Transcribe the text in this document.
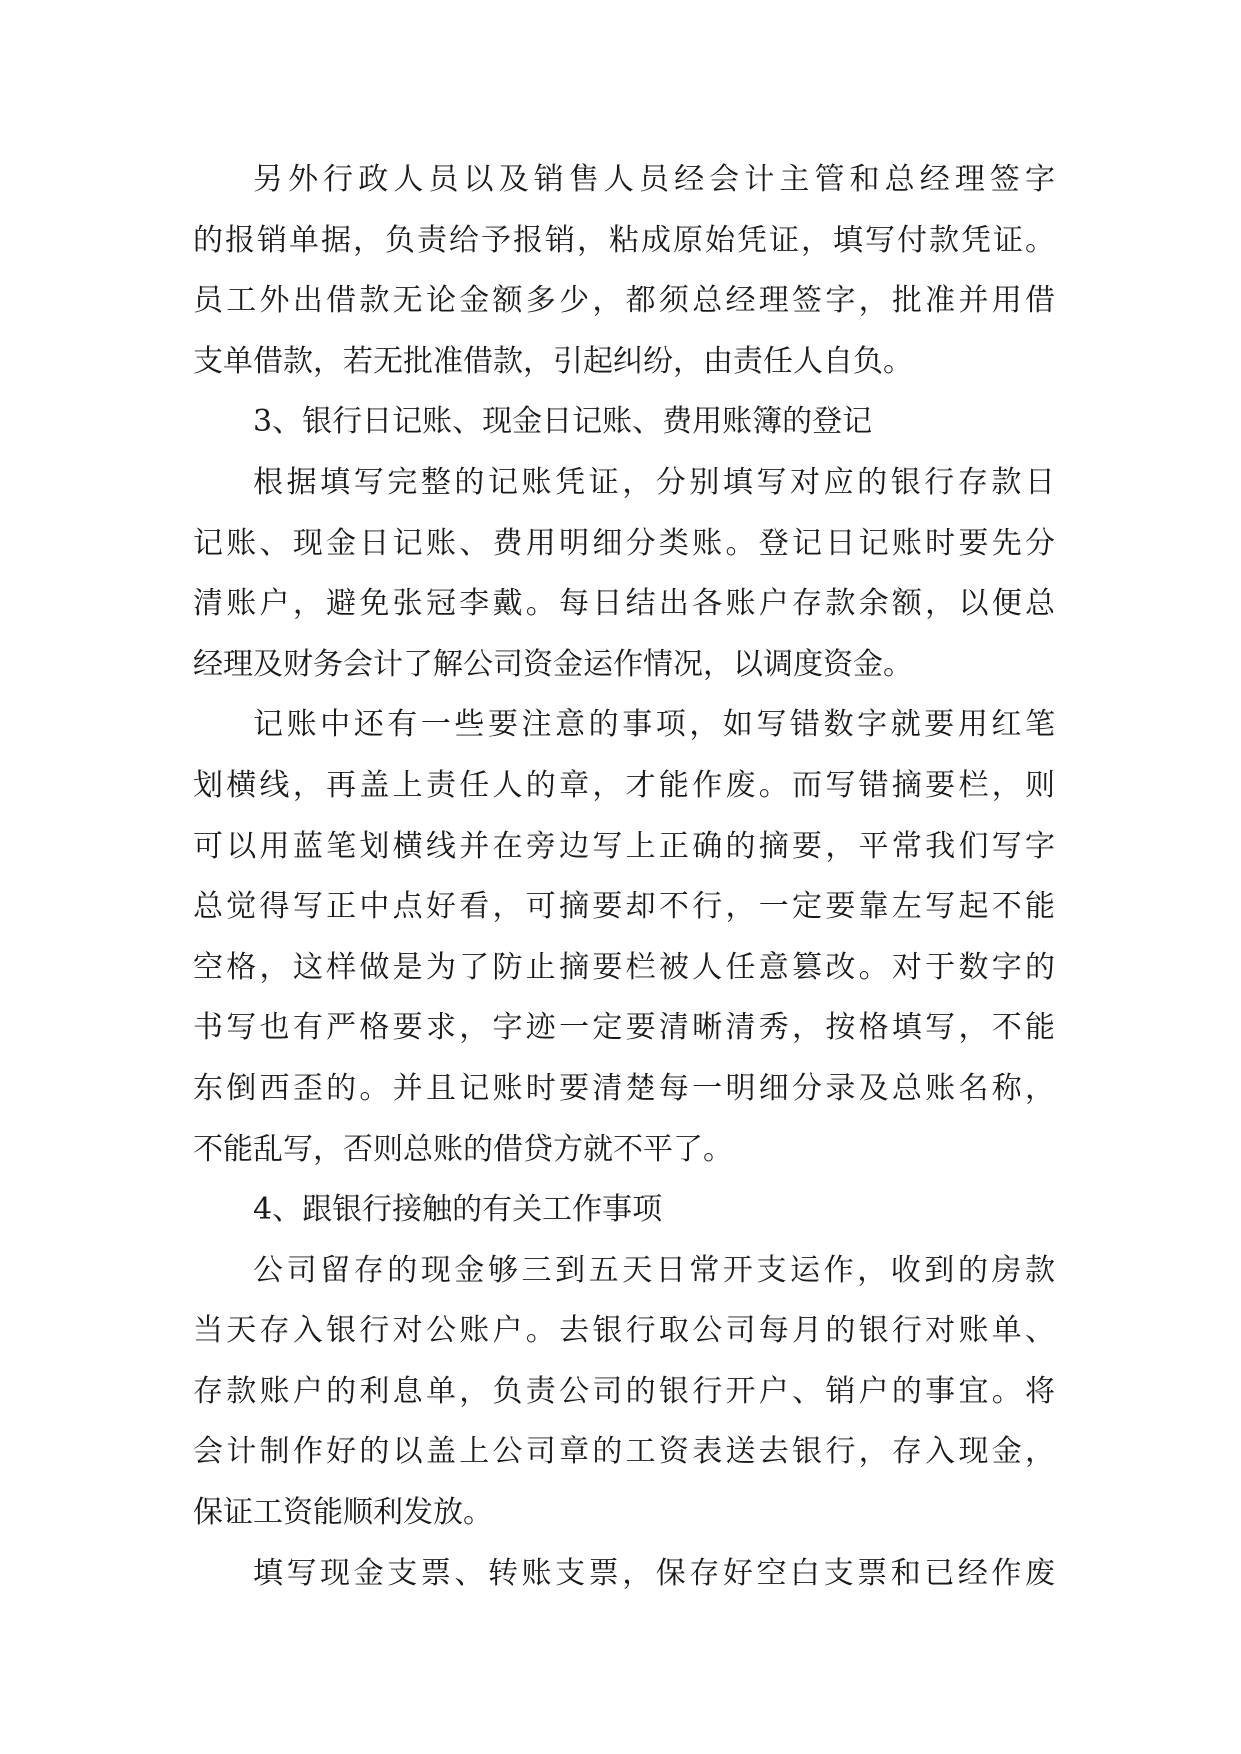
另外行政人员以及销售人员经会计主管和总经理签字
的报销单据，负责给予报销，粘成原始凭证，填写付款凭证。
员工外出借款无论金额多少，都须总经理签字，批准并用借
支单借款，若无批准借款，引起纠纷，由责任人自负。
3、银行日记账、现金日记账、费用账簿的登记
根据填写完整的记账凭证，分别填写对应的银行存款日
记账、现金日记账、费用明细分类账。登记日记账时要先分
清账户，避免张冠李戴。每日结出各账户存款余额，以便总
经理及财务会计了解公司资金运作情况，以调度资金。
记账中还有一些要注意的事项，如写错数字就要用红笔
划横线，再盖上责任人的章，才能作废。而写错摘要栏，则
可以用蓝笔划横线并在旁边写上正确的摘要，平常我们写字
总觉得写正中点好看，可摘要却不行，一定要靠左写起不能
空格，这样做是为了防止摘要栏被人任意篡改。对于数字的
书写也有严格要求，字迹一定要清晰清秀，按格填写，不能
东倒西歪的。并且记账时要清楚每一明细分录及总账名称，
不能乱写，否则总账的借贷方就不平了。
4、跟银行接触的有关工作事项
公司留存的现金够三到五天日常开支运作，收到的房款
当天存入银行对公账户。去银行取公司每月的银行对账单、
存款账户的利息单，负责公司的银行开户、销户的事宜。将
会计制作好的以盖上公司章的工资表送去银行，存入现金，
保证工资能顺利发放。
填写现金支票、转账支票，保存好空白支票和已经作废
